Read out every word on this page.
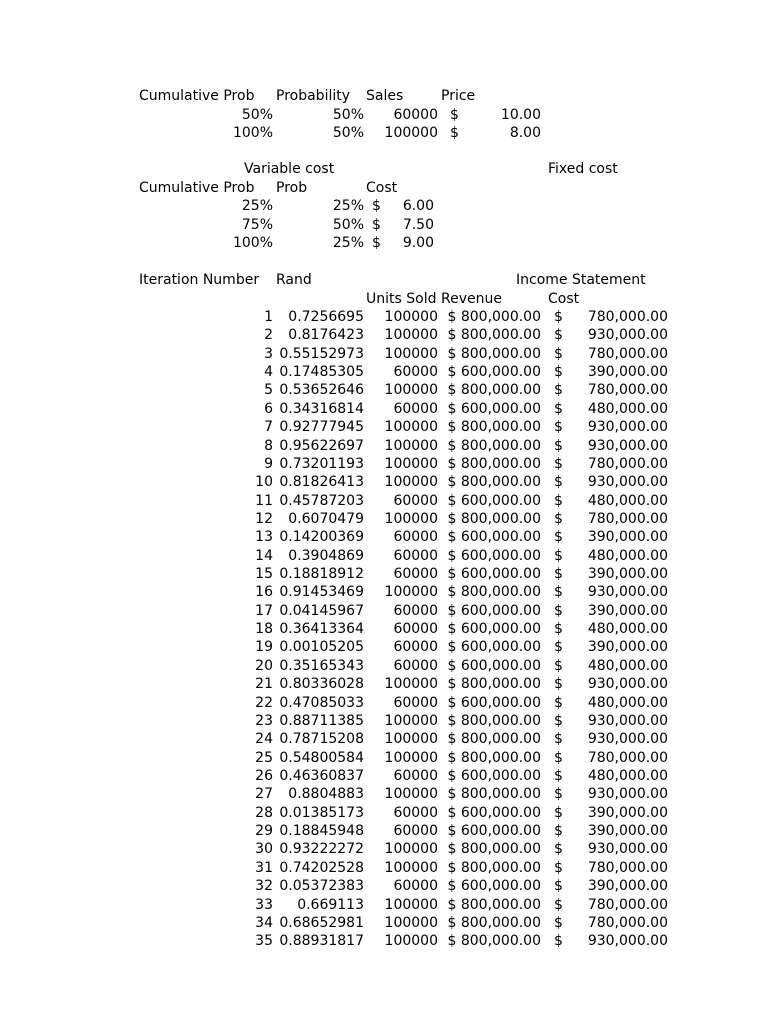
Cumulative Prob Probability Sales	Price
50%	50% 60000 $	10.00
100%	50% 100000 $	8.00
Variable cost	Fixed cost
Cumulative Prob Prob	Cost
25%	25% $ 6.00
75%	50% $ 7.50
100%	25% $ 9.00
Iteration Number Rand	Income Statement
Units Sold Revenue	Cost
1 0.7256695 100000 $ 800,000.00 $ 780,000.00
2 0.8176423 100000 $ 800,000.00 $ 930,000.00
3 0.55152973 100000 $ 800,000.00 $ 780,000.00
4 0.17485305 60000 $ 600,000.00 $ 390,000.00
5 0.53652646 100000 $ 800,000.00 $ 780,000.00
6 0.34316814 60000 $ 600,000.00 $ 480,000.00
7 0.92777945 100000 $ 800,000.00 $ 930,000.00
8 0.95622697 100000 $ 800,000.00 $ 930,000.00
9 0.73201193 100000 $ 800,000.00 $ 780,000.00
10 0.81826413 100000 $ 800,000.00 $ 930,000.00
11 0.45787203 60000 $ 600,000.00 $ 480,000.00
12 0.6070479 100000 $ 800,000.00 $ 780,000.00
13 0.14200369 60000 $ 600,000.00 $ 390,000.00
14 0.3904869 60000 $ 600,000.00 $ 480,000.00
15 0.18818912 60000 $ 600,000.00 $ 390,000.00
16 0.91453469 100000 $ 800,000.00 $ 930,000.00
17 0.04145967 60000 $ 600,000.00 $ 390,000.00
18 0.36413364 60000 $ 600,000.00 $ 480,000.00
19 0.00105205 60000 $ 600,000.00 $ 390,000.00
20 0.35165343 60000 $ 600,000.00 $ 480,000.00
21 0.80336028 100000 $ 800,000.00 $ 930,000.00
22 0.47085033 60000 $ 600,000.00 $ 480,000.00
23 0.88711385 100000 $ 800,000.00 $ 930,000.00
24 0.78715208 100000 $ 800,000.00 $ 930,000.00
25 0.54800584 100000 $ 800,000.00 $ 780,000.00
26 0.46360837 60000 $ 600,000.00 $ 480,000.00
27 0.8804883 100000 $ 800,000.00 $ 930,000.00
28 0.01385173 60000 $ 600,000.00 $ 390,000.00
29 0.18845948 60000 $ 600,000.00 $ 390,000.00
30 0.93222272 100000 $ 800,000.00 $ 930,000.00
31 0.74202528 100000 $ 800,000.00 $ 780,000.00
32 0.05372383 60000 $ 600,000.00 $ 390,000.00
33 0.669113 100000 $ 800,000.00 $ 780,000.00
34 0.68652981 100000 $ 800,000.00 $ 780,000.00
35 0.88931817 100000 $ 800,000.00 $ 930,000.00
